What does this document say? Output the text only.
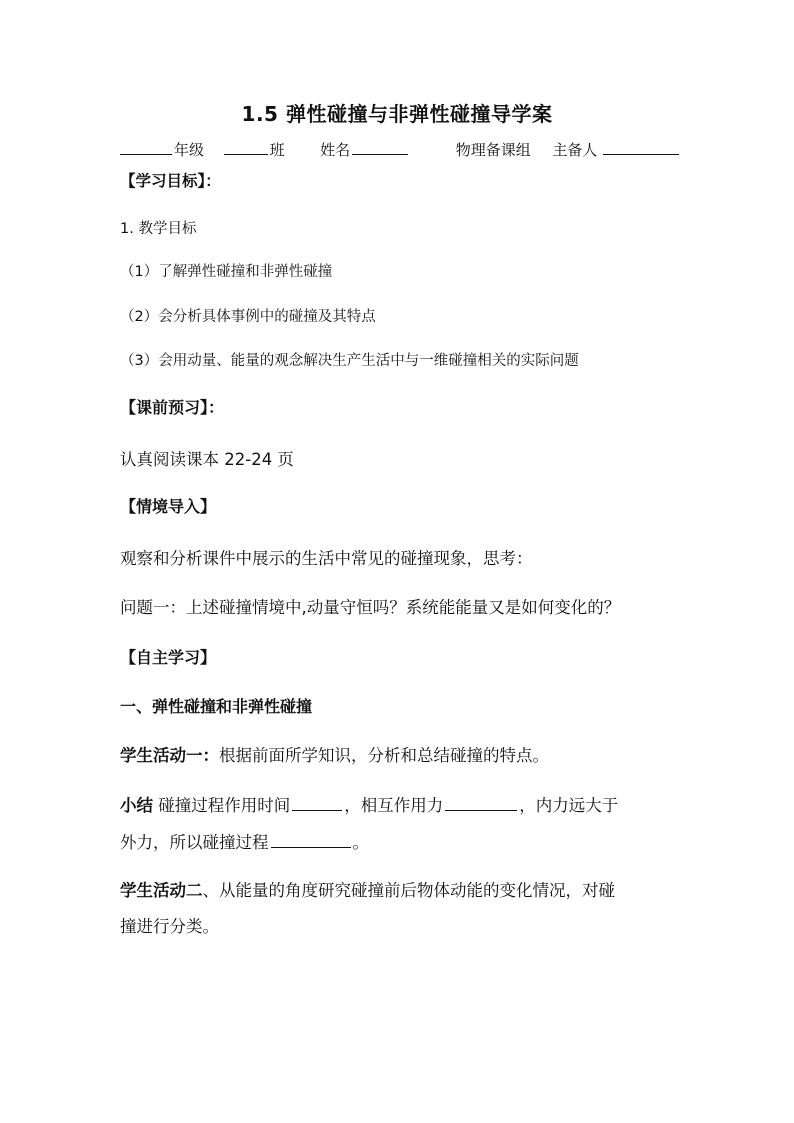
1.5 弹性碰撞与非弹性碰撞导学案
年级	班 姓名	物理备课组 主备人
【学习目标】：
1. 教学目标
（1）了解弹性碰撞和非弹性碰撞
（2）会分析具体事例中的碰撞及其特点
（3）会用动量、能量的观念解决生产生活中与一维碰撞相关的实际问题
【课前预习】：
认真阅读课本 22-24 页
【情境导入】
观察和分析课件中展示的生活中常见的碰撞现象，思考：
问题一：上述碰撞情境中,动量守恒吗？系统能能量又是如何变化的？
【自主学习】
一、弹性碰撞和非弹性碰撞
学生活动一：根据前面所学知识，分析和总结碰撞的特点。
小结 碰撞过程作用时间	，相互作用力	，内力远大于
外力，所以碰撞过程	。
学生活动二、从能量的角度研究碰撞前后物体动能的变化情况，对碰
撞进行分类。
